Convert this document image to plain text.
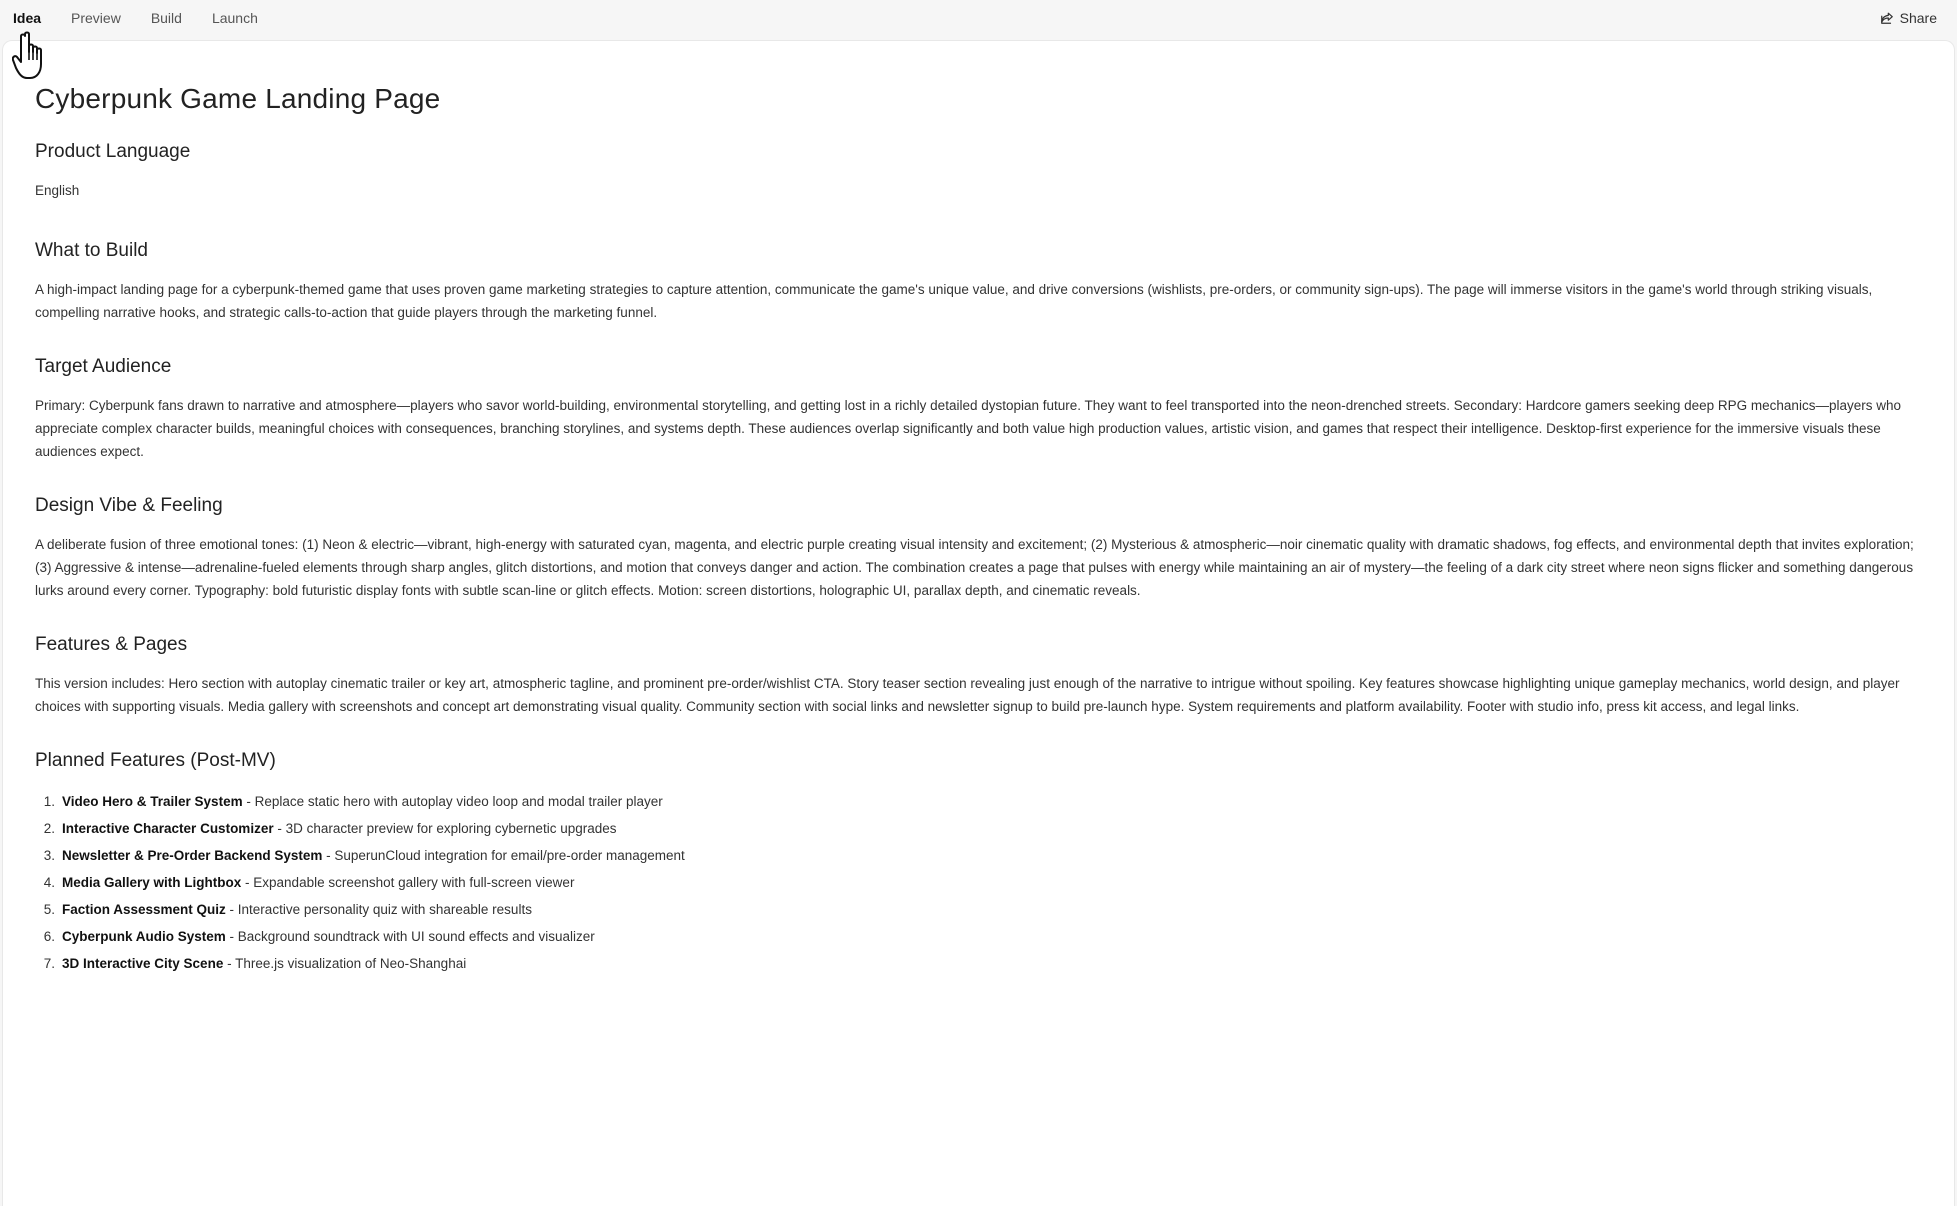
Idea	Preview	Build	Launch	Share
Cyberpunk Game Landing Page
Product Language

English

What to Build

A high-impact landing page for a cyberpunk-themed game that uses proven game marketing strategies to capture attention, communicate the game's unique value, and drive conversions (wishlists, pre-orders, or community sign-ups). The page will immerse visitors in the game's world through striking visuals, compelling narrative hooks, and strategic calls-to-action that guide players through the marketing funnel.

Target Audience

Primary: Cyberpunk fans drawn to narrative and atmosphere—players who savor world-building, environmental storytelling, and getting lost in a richly detailed dystopian future. They want to feel transported into the neon-drenched streets. Secondary: Hardcore gamers seeking deep RPG mechanics—players who appreciate complex character builds, meaningful choices with consequences, branching storylines, and systems depth. These audiences overlap significantly and both value high production values, artistic vision, and games that respect their intelligence. Desktop-first experience for the immersive visuals these audiences expect.

Design Vibe & Feeling

A deliberate fusion of three emotional tones: (1) Neon & electric—vibrant, high-energy with saturated cyan, magenta, and electric purple creating visual intensity and excitement; (2) Mysterious & atmospheric—noir cinematic quality with dramatic shadows, fog effects, and environmental depth that invites exploration; (3) Aggressive & intense—adrenaline-fueled elements through sharp angles, glitch distortions, and motion that conveys danger and action. The combination creates a page that pulses with energy while maintaining an air of mystery—the feeling of a dark city street where neon signs flicker and something dangerous lurks around every corner. Typography: bold futuristic display fonts with subtle scan-line or glitch effects. Motion: screen distortions, holographic UI, parallax depth, and cinematic reveals.

Features & Pages

This version includes: Hero section with autoplay cinematic trailer or key art, atmospheric tagline, and prominent pre-order/wishlist CTA. Story teaser section revealing just enough of the narrative to intrigue without spoiling. Key features showcase highlighting unique gameplay mechanics, world design, and player choices with supporting visuals. Media gallery with screenshots and concept art demonstrating visual quality. Community section with social links and newsletter signup to build pre-launch hype. System requirements and platform availability. Footer with studio info, press kit access, and legal links.

Planned Features (Post-MV)
1. Video Hero & Trailer System - Replace static hero with autoplay video loop and modal trailer player
2. Interactive Character Customizer - 3D character preview for exploring cybernetic upgrades
3. Newsletter & Pre-Order Backend System - SuperunCloud integration for email/pre-order management
4. Media Gallery with Lightbox - Expandable screenshot gallery with full-screen viewer
5. Faction Assessment Quiz - Interactive personality quiz with shareable results
6. Cyberpunk Audio System - Background soundtrack with UI sound effects and visualizer
7. 3D Interactive City Scene - Three.js visualization of Neo-Shanghai
